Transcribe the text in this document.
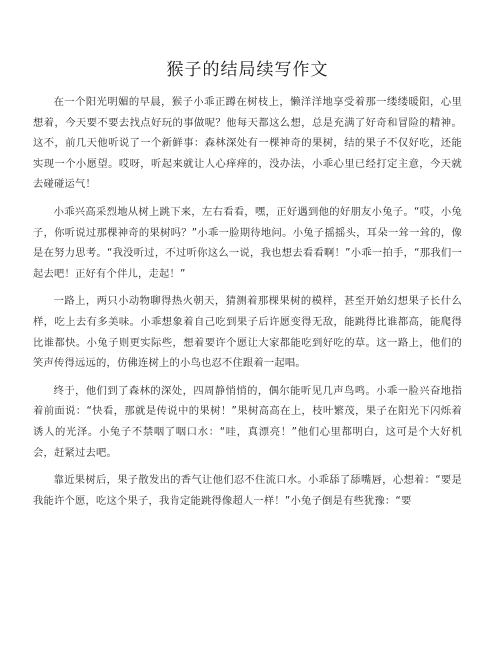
猴子的结局续写作文

在一个阳光明媚的早晨，猴子小乖正蹲在树枝上，懒洋洋地享受着那一缕缕暖阳，心里想着，今天要不要去找点好玩的事做呢？他每天都这么想，总是充满了好奇和冒险的精神。这不，前几天他听说了一个新鲜事：森林深处有一棵神奇的果树，结的果子不仅好吃，还能实现一个小愿望。哎呀，听起来就让人心痒痒的，没办法，小乖心里已经打定主意，今天就去碰碰运气！

小乖兴高采烈地从树上跳下来，左右看看，嘿，正好遇到他的好朋友小兔子。“哎，小兔子，你听说过那棵神奇的果树吗？”小乖一脸期待地问。小兔子摇摇头，耳朵一耸一耸的，像是在努力思考。“我没听过，不过听你这么一说，我也想去看看啊！”小乖一拍手，“那我们一起去吧！正好有个伴儿，走起！”

一路上，两只小动物聊得热火朝天，猜测着那棵果树的模样，甚至开始幻想果子长什么样，吃上去有多美味。小乖想象着自己吃到果子后许愿变得无敌，能跳得比谁都高，能爬得比谁都快。小兔子则更实际些，想着要许个愿让大家都能吃到好吃的草。这一路上，他们的笑声传得远远的，仿佛连树上的小鸟也忍不住跟着一起唱。

终于，他们到了森林的深处，四周静悄悄的，偶尔能听见几声鸟鸣。小乖一脸兴奋地指着前面说：“快看，那就是传说中的果树！”果树高高在上，枝叶繁茂，果子在阳光下闪烁着诱人的光泽。小兔子不禁咽了咽口水：“哇，真漂亮！”他们心里都明白，这可是个大好机会，赶紧过去吧。

靠近果树后，果子散发出的香气让他们忍不住流口水。小乖舔了舔嘴唇，心想着：“要是我能许个愿，吃这个果子，我肯定能跳得像超人一样！”小兔子倒是有些犹豫：“要
